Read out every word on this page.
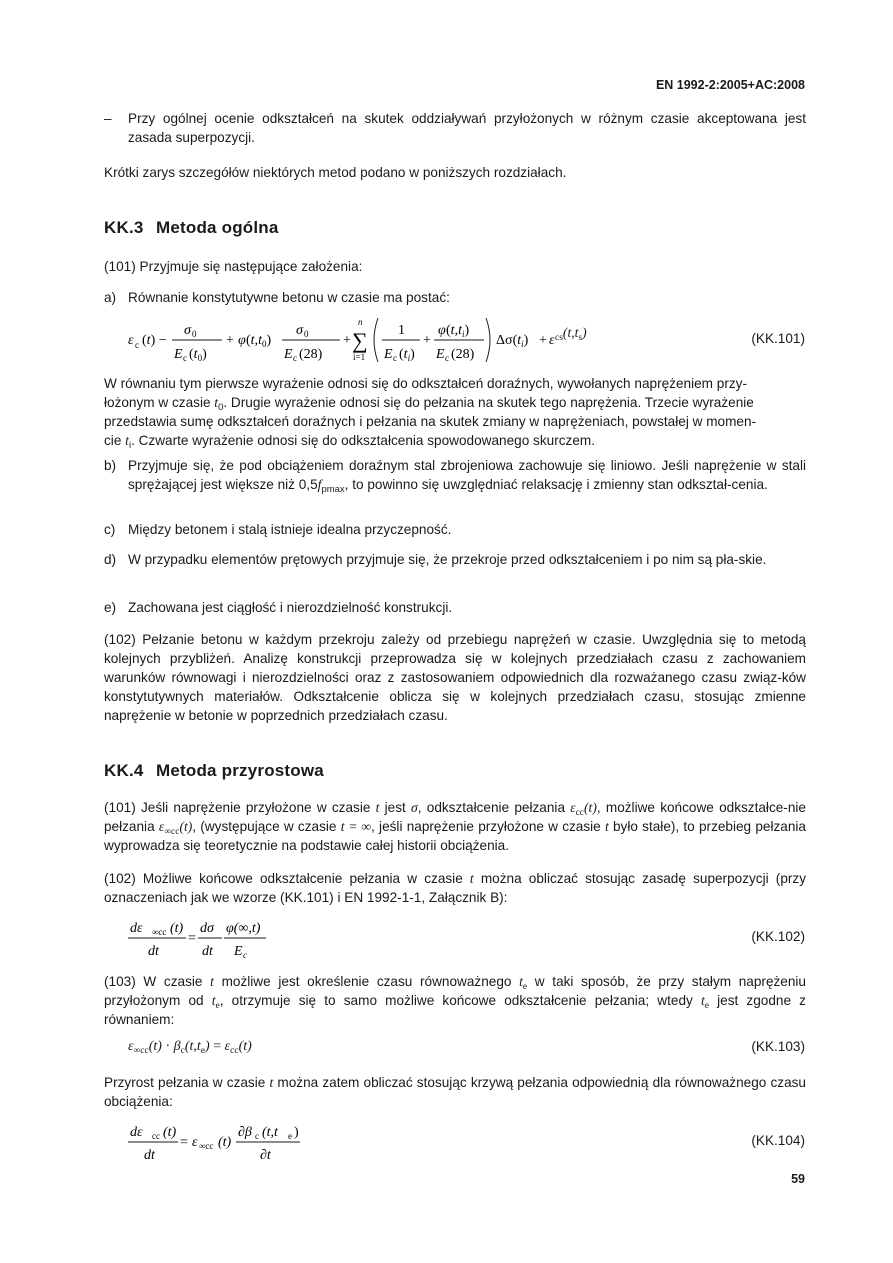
EN 1992-2:2005+AC:2008
–	Przy ogólnej ocenie odkształceń na skutek oddziaływań przyłożonych w różnym czasie akceptowana jest zasada superpozycji.
Krótki zarys szczegółów niektórych metod podano w poniższych rozdziałach.
KK.3 Metoda ogólna
(101) Przyjmuje się następujące założenia:
a) Równanie konstytutywne betonu w czasie ma postać:
ε c (t) −
σ 0
E c $(t_0)$
+ φ $(t,t_0)$
σ 0
E c (28)
+
n
∑
i=1
1
E c $(t_i)$
+
φ $(t,t_i)$
E c (28)
$\Delta\sigma(t_i) + \varepsilon$ $_{cs}(t,t_s)$	(KK.101)
W równaniu tym pierwsze wyrażenie odnosi się do odkształceń doraźnych, wywołanych naprężeniem przy-
łożonym w czasie $t_0$. Drugie wyrażenie odnosi się do pełzania na skutek tego naprężenia. Trzecie wyrażenie
przedstawia sumę odkształceń doraźnych i pełzania na skutek zmiany w naprężeniach, powstałej w momen-
cie $t_i$. Czwarte wyrażenie odnosi się do odkształcenia spowodowanego skurczem.
b) Przyjmuje się, że pod obciążeniem doraźnym stal zbrojeniowa zachowuje się liniowo. Jeśli naprężenie w stali sprężającej jest większe niż $0,5f_{pmax}$, to powinno się uwzględniać relaksację i zmienny stan odkształ-cenia.
c) Między betonem i stalą istnieje idealna przyczepność.
d) W przypadku elementów prętowych przyjmuje się, że przekroje przed odkształceniem i po nim są pła-skie.
e) Zachowana jest ciągłość i nierozdzielność konstrukcji.
(102) Pełzanie betonu w każdym przekroju zależy od przebiegu naprężeń w czasie. Uwzględnia się to metodą kolejnych przybliżeń. Analizę konstrukcji przeprowadza się w kolejnych przedziałach czasu z zachowaniem warunków równowagi i nierozdzielności oraz z zastosowaniem odpowiednich dla rozważanego czasu związ-ków konstytutywnych materiałów. Odkształcenie oblicza się w kolejnych przedziałach czasu, stosując zmienne naprężenie w betonie w poprzednich przedziałach czasu.
KK.4 Metoda przyrostowa
(101) Jeśli naprężenie przyłożone w czasie t jest σ, odkształcenie pełzania $\varepsilon_{cc}(t)$, możliwe końcowe odkształce-nie pełzania $\varepsilon_{\infty cc}(t)$, (występujące w czasie t = ∞, jeśli naprężenie przyłożone w czasie t było stałe), to przebieg pełzania wyprowadza się teoretycznie na podstawie całej historii obciążenia.
(102) Możliwe końcowe odkształcenie pełzania w czasie t można obliczać stosując zasadę superpozycji (przy oznaczeniach jak we wzorze (KK.101) i EN 1992-1-1, Załącznik B):
dε ∞cc (t)
dt
=
dσ
dt
φ(∞,t)
E c
(KK.102)
(103) W czasie t możliwe jest określenie czasu równoważnego $t_e$ w taki sposób, że przy stałym naprężeniu przyłożonym od $t_e$, otrzymuje się to samo możliwe końcowe odkształcenie pełzania; wtedy $t_e$ jest zgodne z równaniem:
$\varepsilon_{\infty cc}(t) \cdot \beta_c(t,t_e) = \varepsilon_{cc}(t)$	(KK.103)
Przyrost pełzania w czasie t można zatem obliczać stosując krzywą pełzania odpowiednią dla równoważnego czasu obciążenia:
dε cc (t)
dt
= ε ∞cc (t)
∂β c (t,t e )
∂t
(KK.104)
59
